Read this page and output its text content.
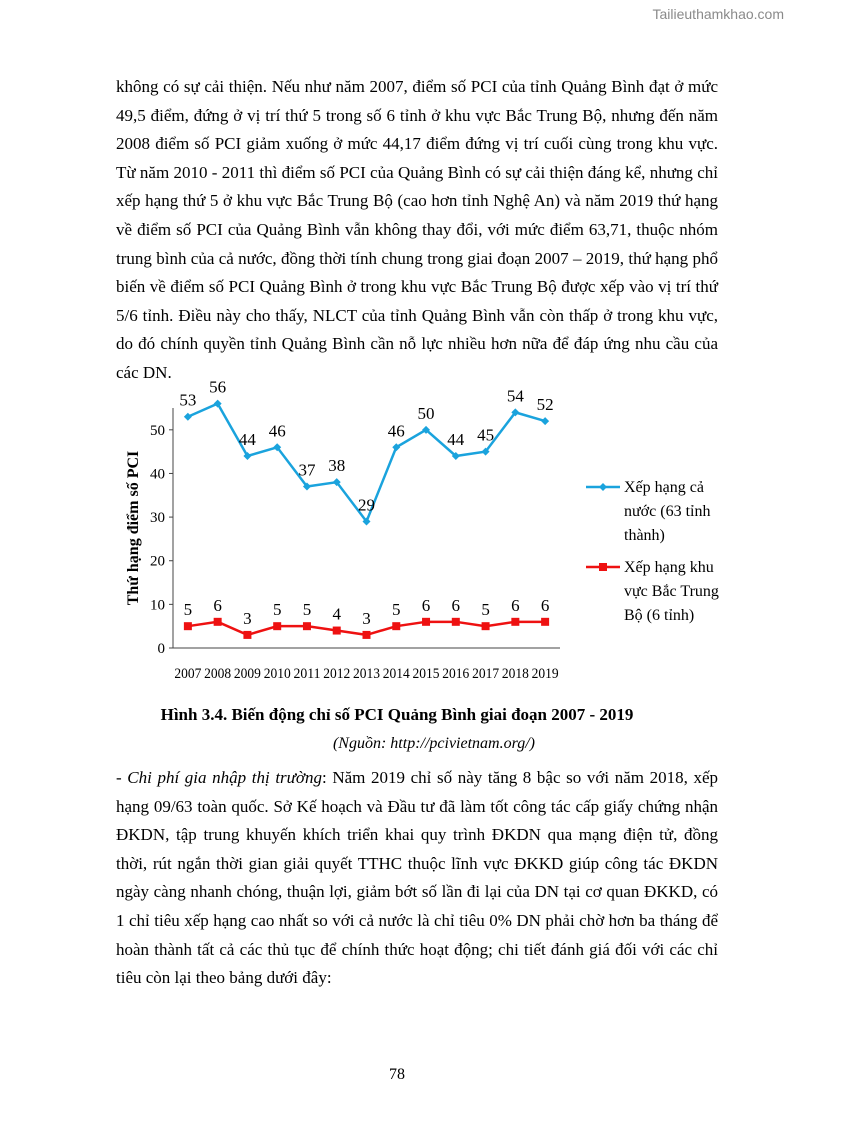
Tailieuthamkhao.com

không có sự cải thiện. Nếu như năm 2007, điểm số PCI của tỉnh Quảng Bình đạt ở mức 49,5 điểm, đứng ở vị trí thứ 5 trong số 6 tỉnh ở khu vực Bắc Trung Bộ, nhưng đến năm 2008 điểm số PCI giảm xuống ở mức 44,17 điểm đứng vị trí cuối cùng trong khu vực. Từ năm 2010 - 2011 thì điểm số PCI của Quảng Bình có sự cải thiện đáng kể, nhưng chỉ xếp hạng thứ 5 ở khu vực Bắc Trung Bộ (cao hơn tỉnh Nghệ An) và năm 2019 thứ hạng về điểm số PCI của Quảng Bình vẫn không thay đổi, với mức điểm 63,71, thuộc nhóm trung bình của cả nước, đồng thời tính chung trong giai đoạn 2007 – 2019, thứ hạng phổ biến về điểm số PCI Quảng Bình ở trong khu vực Bắc Trung Bộ được xếp vào vị trí thứ 5/6 tỉnh. Điều này cho thấy, NLCT của tỉnh Quảng Bình vẫn còn thấp ở trong khu vực, do đó chính quyền tỉnh Quảng Bình cần nỗ lực nhiều hơn nữa để đáp ứng nhu cầu của các DN.

0
10
20
30
40
50
Thứ hạng điểm số PCI
2007 2008 2009 2010 2011 2012 2013 2014 2015 2016 2017 2018 2019
53
56
44 46
37 38
29
46
50
44 45
54 52
5 6
3 5 5 4 3 5 6 6 5 6 6
Xếp hạng cả
nước (63 tỉnh
thành)
Xếp hạng khu
vực Bắc Trung
Bộ (6 tỉnh)

Hình 3.4. Biến động chỉ số PCI Quảng Bình giai đoạn 2007 - 2019

(Nguồn: http://pcivietnam.org/)

- Chi phí gia nhập thị trường: Năm 2019 chỉ số này tăng 8 bậc so với năm 2018, xếp hạng 09/63 toàn quốc. Sở Kế hoạch và Đầu tư đã làm tốt công tác cấp giấy chứng nhận ĐKDN, tập trung khuyến khích triển khai quy trình ĐKDN qua mạng điện tử, đồng thời, rút ngắn thời gian giải quyết TTHC thuộc lĩnh vực ĐKKD giúp công tác ĐKDN ngày càng nhanh chóng, thuận lợi, giảm bớt số lần đi lại của DN tại cơ quan ĐKKD, có 1 chỉ tiêu xếp hạng cao nhất so với cả nước là chỉ tiêu 0% DN phải chờ hơn ba tháng để hoàn thành tất cả các thủ tục để chính thức hoạt động; chi tiết đánh giá đối với các chỉ tiêu còn lại theo bảng dưới đây:

78
